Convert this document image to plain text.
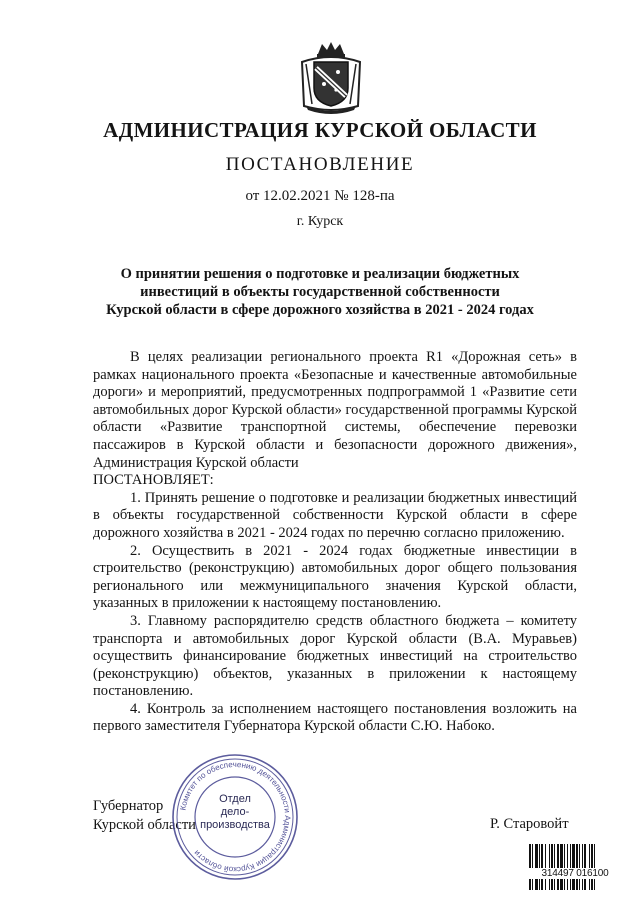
АДМИНИСТРАЦИЯ КУРСКОЙ ОБЛАСТИ
ПОСТАНОВЛЕНИЕ
от 12.02.2021 № 128-па
г. Курск
О принятии решения о подготовке и реализации бюджетных
инвестиций в объекты государственной собственности
Курской области в сфере дорожного хозяйства в 2021 - 2024 годах

В целях реализации регионального проекта R1 «Дорожная сеть» в рамках национального проекта «Безопасные и качественные автомобильные дороги» и мероприятий, предусмотренных подпрограммой 1 «Развитие сети автомобильных дорог Курской области» государственной программы Курской области «Развитие транспортной системы, обеспечение перевозки пассажиров в Курской области и безопасности дорожного движения», Администрация Курской области

ПОСТАНОВЛЯЕТ:

1. Принять решение о подготовке и реализации бюджетных инвестиций в объекты государственной собственности Курской области в сфере дорожного хозяйства в 2021 - 2024 годах по перечню согласно приложению.

2. Осуществить в 2021 - 2024 годах бюджетные инвестиции в строительство (реконструкцию) автомобильных дорог общего пользования регионального или межмуниципального значения Курской области, указанных в приложении к настоящему постановлению.

3. Главному распорядителю средств областного бюджета – комитету транспорта и автомобильных дорог Курской области (В.А. Муравьев) осуществить финансирование бюджетных инвестиций на строительство (реконструкцию) объектов, указанных в приложении к настоящему постановлению.

4. Контроль за исполнением настоящего постановления возложить на первого заместителя Губернатора Курской области С.Ю. Набоко.

Губернатор
Курской области	Р. Старовойт
Комитет по обеспечению деятельности Администрации Курской области
Отдел
дело-
производства
314497 016100
